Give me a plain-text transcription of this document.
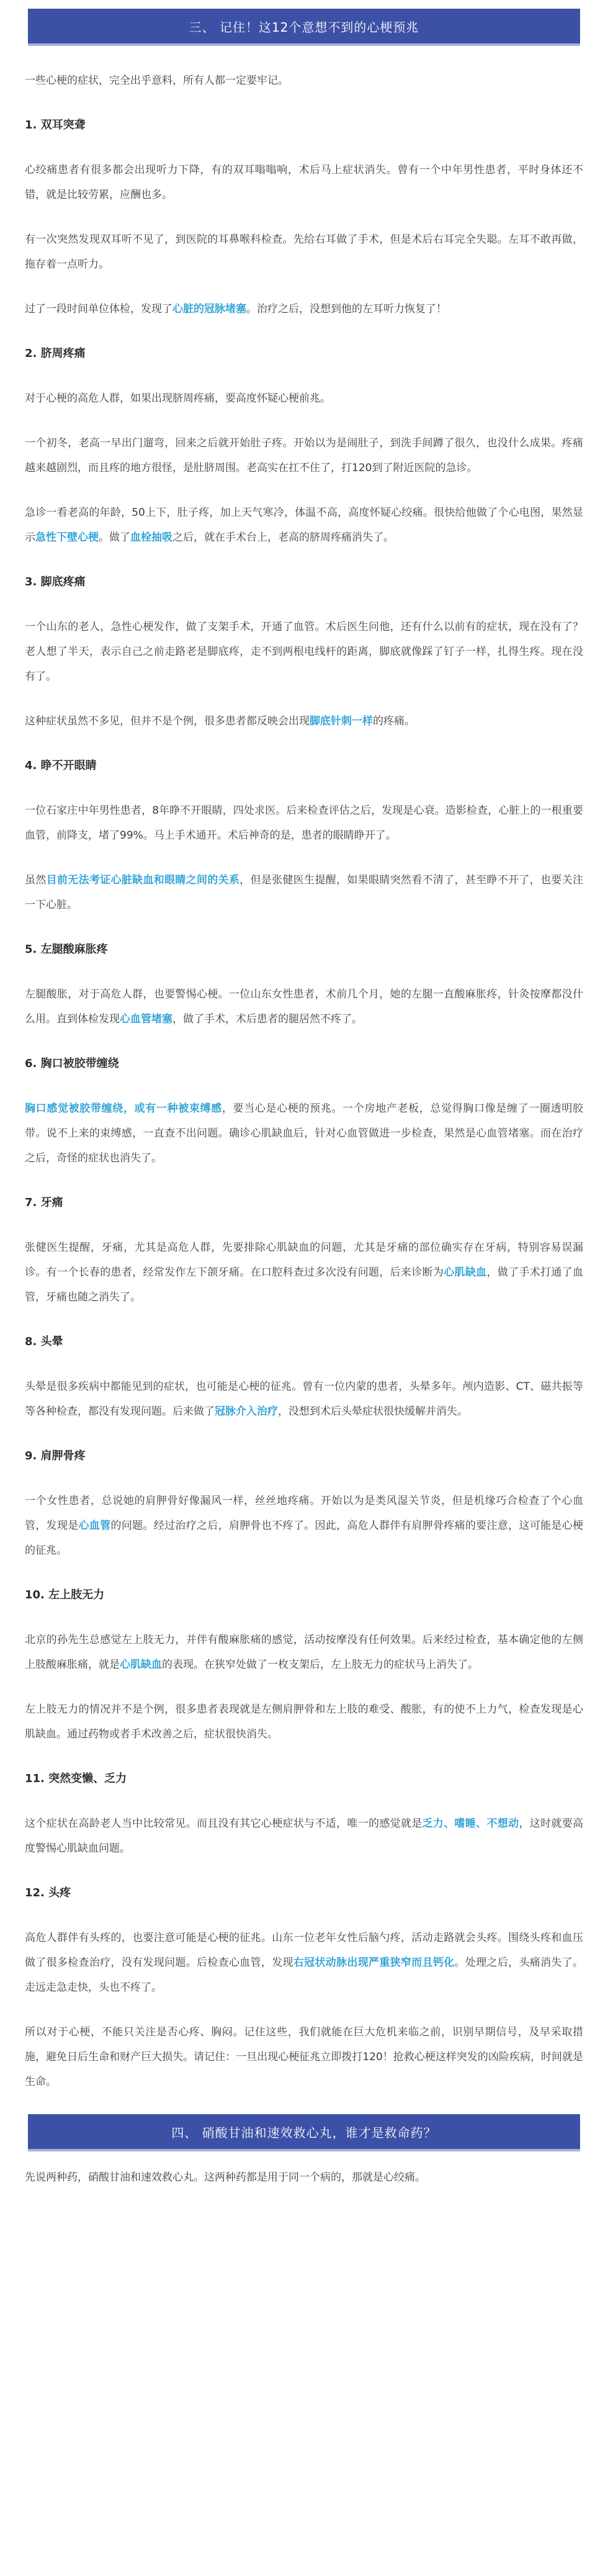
三、 记住！这12个意想不到的心梗预兆

一些心梗的症状，完全出乎意料，所有人都一定要牢记。

1. 双耳突聋

心绞痛患者有很多都会出现听力下降，有的双耳嗡嗡响，术后马上症状消失。曾有一个中年男性患者，平时身体还不错，就是比较劳累，应酬也多。

有一次突然发现双耳听不见了，到医院的耳鼻喉科检查。先给右耳做了手术，但是术后右耳完全失聪。左耳不敢再做，拖存着一点听力。

过了一段时间单位体检，发现了心脏的冠脉堵塞。治疗之后，没想到他的左耳听力恢复了！

2. 脐周疼痛

对于心梗的高危人群，如果出现脐周疼痛，要高度怀疑心梗前兆。

一个初冬，老高一早出门遛弯，回来之后就开始肚子疼。开始以为是闹肚子，到洗手间蹲了很久，也没什么成果。疼痛越来越剧烈，而且疼的地方很怪，是肚脐周围。老高实在扛不住了，打120到了附近医院的急诊。

急诊一看老高的年龄，50上下，肚子疼，加上天气寒冷，体温不高，高度怀疑心绞痛。很快给他做了个心电图，果然显示急性下壁心梗。做了血栓抽吸之后，就在手术台上，老高的脐周疼痛消失了。

3. 脚底疼痛

一个山东的老人，急性心梗发作，做了支架手术，开通了血管。术后医生问他，还有什么以前有的症状，现在没有了？老人想了半天，表示自己之前走路老是脚底疼，走不到两根电线杆的距离，脚底就像踩了钉子一样，扎得生疼。现在没有了。

这种症状虽然不多见，但并不是个例，很多患者都反映会出现脚底针刺一样的疼痛。

4. 睁不开眼睛

一位石家庄中年男性患者，8年睁不开眼睛，四处求医。后来检查评估之后，发现是心衰。造影检查，心脏上的一根重要血管，前降支，堵了99%。马上手术通开。术后神奇的是，患者的眼睛睁开了。

虽然目前无法考证心脏缺血和眼睛之间的关系，但是张健医生提醒，如果眼睛突然看不清了，甚至睁不开了，也要关注一下心脏。

5. 左腿酸麻胀疼

左腿酸胀，对于高危人群，也要警惕心梗。一位山东女性患者，术前几个月，她的左腿一直酸麻胀疼，针灸按摩都没什么用。直到体检发现心血管堵塞，做了手术，术后患者的腿居然不疼了。

6. 胸口被胶带缠绕

胸口感觉被胶带缠绕，或有一种被束缚感，要当心是心梗的预兆。一个房地产老板，总觉得胸口像是缠了一圈透明胶带。说不上来的束缚感，一直查不出问题。确诊心肌缺血后，针对心血管做进一步检查，果然是心血管堵塞。而在治疗之后，奇怪的症状也消失了。

7. 牙痛

张健医生提醒，牙痛，尤其是高危人群，先要排除心肌缺血的问题，尤其是牙痛的部位确实存在牙病，特别容易误漏诊。有一个长春的患者，经常发作左下颌牙痛。在口腔科查过多次没有问题，后来诊断为心肌缺血，做了手术打通了血管，牙痛也随之消失了。

8. 头晕

头晕是很多疾病中都能见到的症状，也可能是心梗的征兆。曾有一位内蒙的患者，头晕多年。颅内造影、CT、磁共振等等各种检查，都没有发现问题。后来做了冠脉介入治疗，没想到术后头晕症状很快缓解并消失。

9. 肩胛骨疼

一个女性患者，总说她的肩胛骨好像漏风一样，丝丝地疼痛。开始以为是类风湿关节炎，但是机缘巧合检查了个心血管，发现是心血管的问题。经过治疗之后，肩胛骨也不疼了。因此，高危人群伴有肩胛骨疼痛的要注意，这可能是心梗的征兆。

10. 左上肢无力

北京的孙先生总感觉左上肢无力，并伴有酸麻胀痛的感觉，活动按摩没有任何效果。后来经过检查，基本确定他的左侧上肢酸麻胀痛，就是心肌缺血的表现。在狭窄处做了一枚支架后，左上肢无力的症状马上消失了。

左上肢无力的情况并不是个例，很多患者表现就是左侧肩胛骨和左上肢的难受、酸胀，有的使不上力气，检查发现是心肌缺血。通过药物或者手术改善之后，症状很快消失。

11. 突然变懒、乏力

这个症状在高龄老人当中比较常见。而且没有其它心梗症状与不适，唯一的感觉就是乏力、嗜睡、不想动，这时就要高度警惕心肌缺血问题。

12. 头疼

高危人群伴有头疼的，也要注意可能是心梗的征兆。山东一位老年女性后脑勺疼，活动走路就会头疼。围绕头疼和血压做了很多检查治疗，没有发现问题。后检查心血管，发现右冠状动脉出现严重狭窄而且钙化。处理之后，头痛消失了。走远走急走快，头也不疼了。

所以对于心梗，不能只关注是否心疼、胸闷。记住这些，我们就能在巨大危机来临之前，识别早期信号，及早采取措施，避免日后生命和财产巨大损失。请记住：一旦出现心梗征兆立即拨打120！抢救心梗这样突发的凶险疾病，时间就是生命。

四、 硝酸甘油和速效救心丸，谁才是救命药？

先说两种药，硝酸甘油和速效救心丸。这两种药都是用于同一个病的，那就是心绞痛。
